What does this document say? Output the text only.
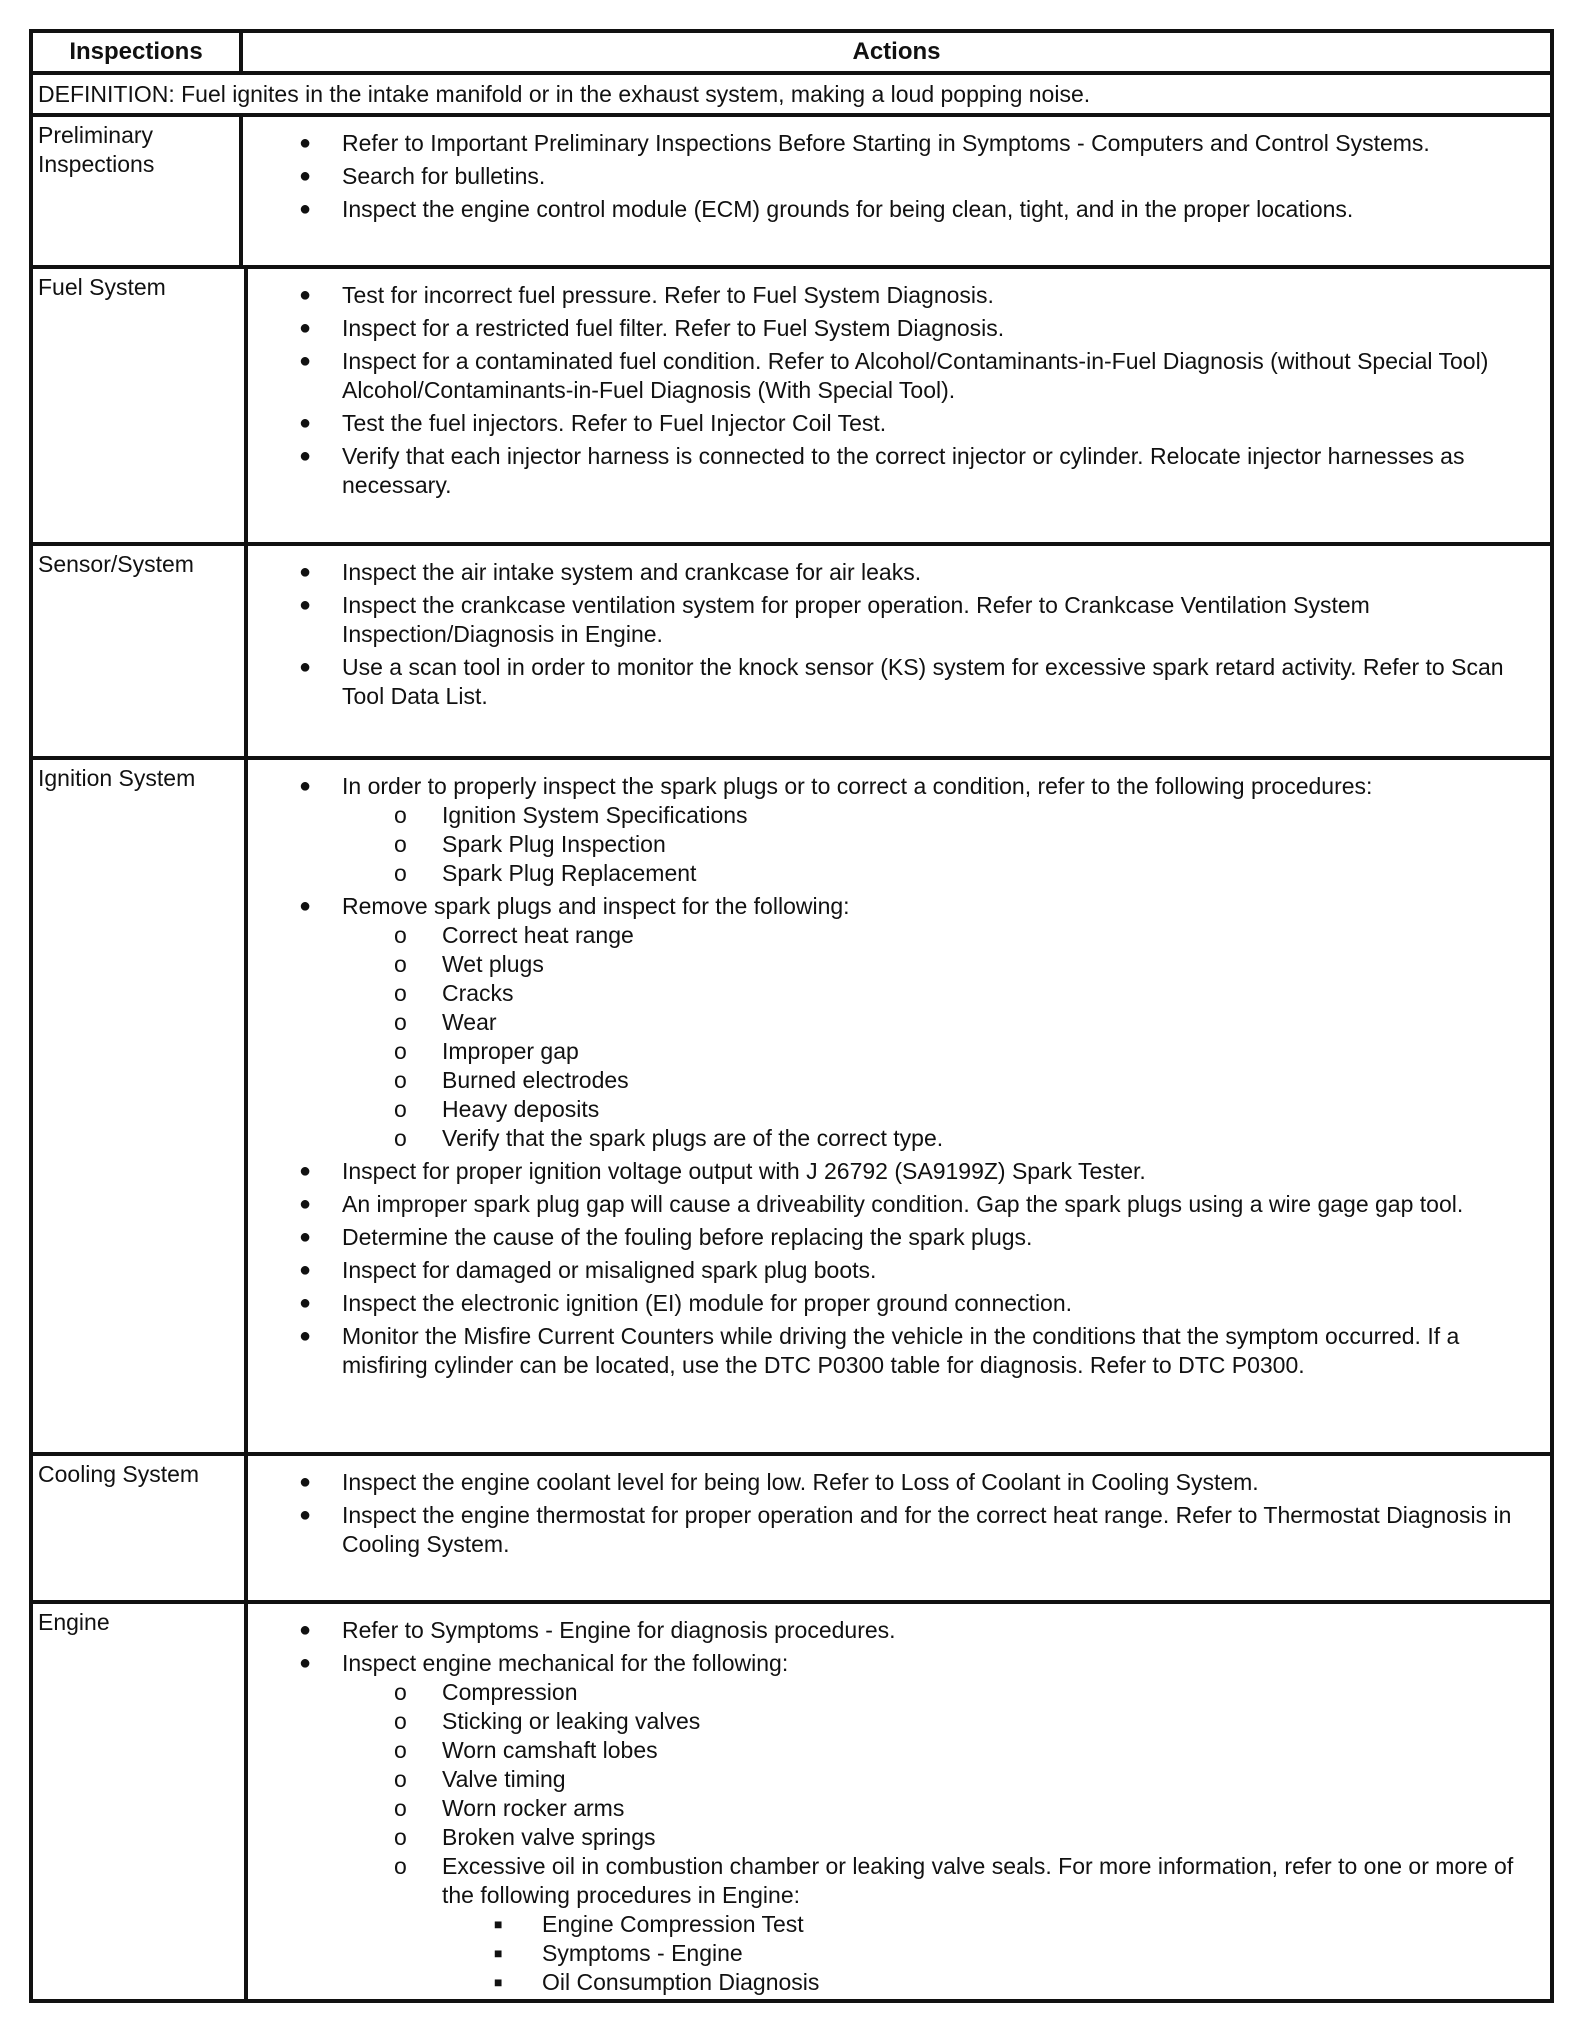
Inspections	Actions
DEFINITION: Fuel ignites in the intake manifold or in the exhaust system, making a loud popping noise.
Preliminary Inspections
● Refer to Important Preliminary Inspections Before Starting in Symptoms - Computers and Control Systems.
● Search for bulletins.
● Inspect the engine control module (ECM) grounds for being clean, tight, and in the proper locations.
Fuel System	● Test for incorrect fuel pressure. Refer to Fuel System Diagnosis.
● Inspect for a restricted fuel filter. Refer to Fuel System Diagnosis.
● Inspect for a contaminated fuel condition. Refer to Alcohol/Contaminants-in-Fuel Diagnosis (without Special Tool) Alcohol/Contaminants-in-Fuel Diagnosis (With Special Tool).
● Test the fuel injectors. Refer to Fuel Injector Coil Test.
● Verify that each injector harness is connected to the correct injector or cylinder. Relocate injector harnesses as necessary.
Sensor/System	● Inspect the air intake system and crankcase for air leaks.
● Inspect the crankcase ventilation system for proper operation. Refer to Crankcase Ventilation System Inspection/Diagnosis in Engine.
● Use a scan tool in order to monitor the knock sensor (KS) system for excessive spark retard activity. Refer to Scan Tool Data List.
Ignition System	● In order to properly inspect the spark plugs or to correct a condition, refer to the following procedures:
o Ignition System Specifications
o Spark Plug Inspection
o Spark Plug Replacement
● Remove spark plugs and inspect for the following:
o Correct heat range
o Wet plugs
o Cracks
o Wear
o Improper gap
o Burned electrodes
o Heavy deposits
o Verify that the spark plugs are of the correct type.
● Inspect for proper ignition voltage output with J 26792 (SA9199Z) Spark Tester.
● An improper spark plug gap will cause a driveability condition. Gap the spark plugs using a wire gage gap tool.
● Determine the cause of the fouling before replacing the spark plugs.
● Inspect for damaged or misaligned spark plug boots.
● Inspect the electronic ignition (EI) module for proper ground connection.
● Monitor the Misfire Current Counters while driving the vehicle in the conditions that the symptom occurred. If a misfiring cylinder can be located, use the DTC P0300 table for diagnosis. Refer to DTC P0300.
Cooling System	● Inspect the engine coolant level for being low. Refer to Loss of Coolant in Cooling System.
● Inspect the engine thermostat for proper operation and for the correct heat range. Refer to Thermostat Diagnosis in Cooling System.
Engine	● Refer to Symptoms - Engine for diagnosis procedures.
● Inspect engine mechanical for the following:
o Compression
o Sticking or leaking valves
o Worn camshaft lobes
o Valve timing
o Worn rocker arms
o Broken valve springs
o Excessive oil in combustion chamber or leaking valve seals. For more information, refer to one or more of the following procedures in Engine:
■ Engine Compression Test
■ Symptoms - Engine
■ Oil Consumption Diagnosis
